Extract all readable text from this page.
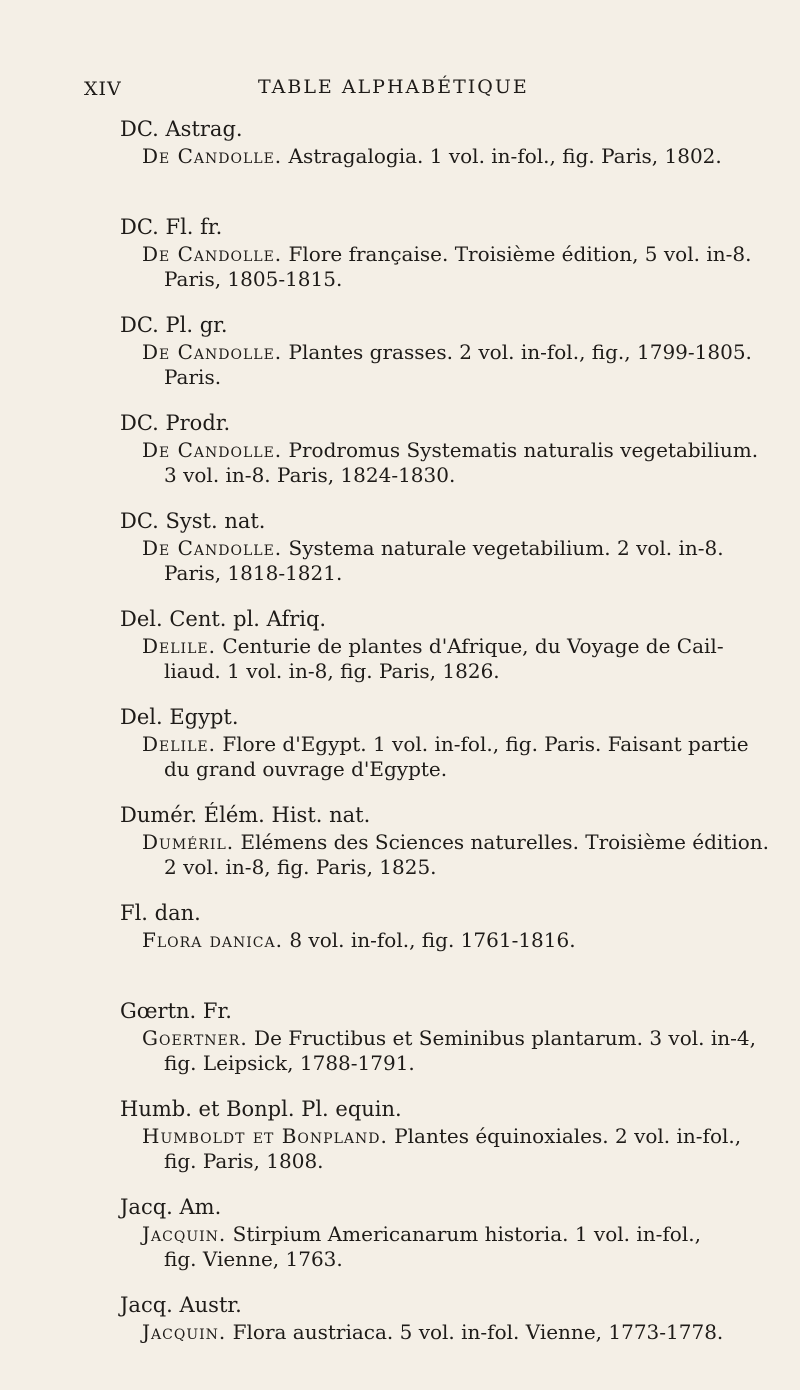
XIV	TABLE ALPHABÉTIQUE

DC. Astrag.

De Candolle. Astragalogia. 1 vol. in-fol., fig. Paris, 1802.

DC. Fl. fr.

De Candolle. Flore française. Troisième édition, 5 vol. in-8.
Paris, 1805-1815.

DC. Pl. gr.

De Candolle. Plantes grasses. 2 vol. in-fol., fig., 1799-1805.
Paris.

DC. Prodr.

De Candolle. Prodromus Systematis naturalis vegetabilium.
3 vol. in-8. Paris, 1824-1830.

DC. Syst. nat.

De Candolle. Systema naturale vegetabilium. 2 vol. in-8.
Paris, 1818-1821.

Del. Cent. pl. Afriq.

Delile. Centurie de plantes d'Afrique, du Voyage de Cail-
liaud. 1 vol. in-8, fig. Paris, 1826.

Del. Egypt.

Delile. Flore d'Egypt. 1 vol. in-fol., fig. Paris. Faisant partie
du grand ouvrage d'Egypte.

Dumér. Élém. Hist. nat.

Duméril. Elémens des Sciences naturelles. Troisième édition.
2 vol. in-8, fig. Paris, 1825.

Fl. dan.

Flora danica. 8 vol. in-fol., fig. 1761-1816.

Gœrtn. Fr.

Goertner. De Fructibus et Seminibus plantarum. 3 vol. in-4,
fig. Leipsick, 1788-1791.

Humb. et Bonpl. Pl. equin.

Humboldt et Bonpland. Plantes équinoxiales. 2 vol. in-fol.,
fig. Paris, 1808.

Jacq. Am.

Jacquin. Stirpium Americanarum historia. 1 vol. in-fol.,
fig. Vienne, 1763.

Jacq. Austr.

Jacquin. Flora austriaca. 5 vol. in-fol. Vienne, 1773-1778.
